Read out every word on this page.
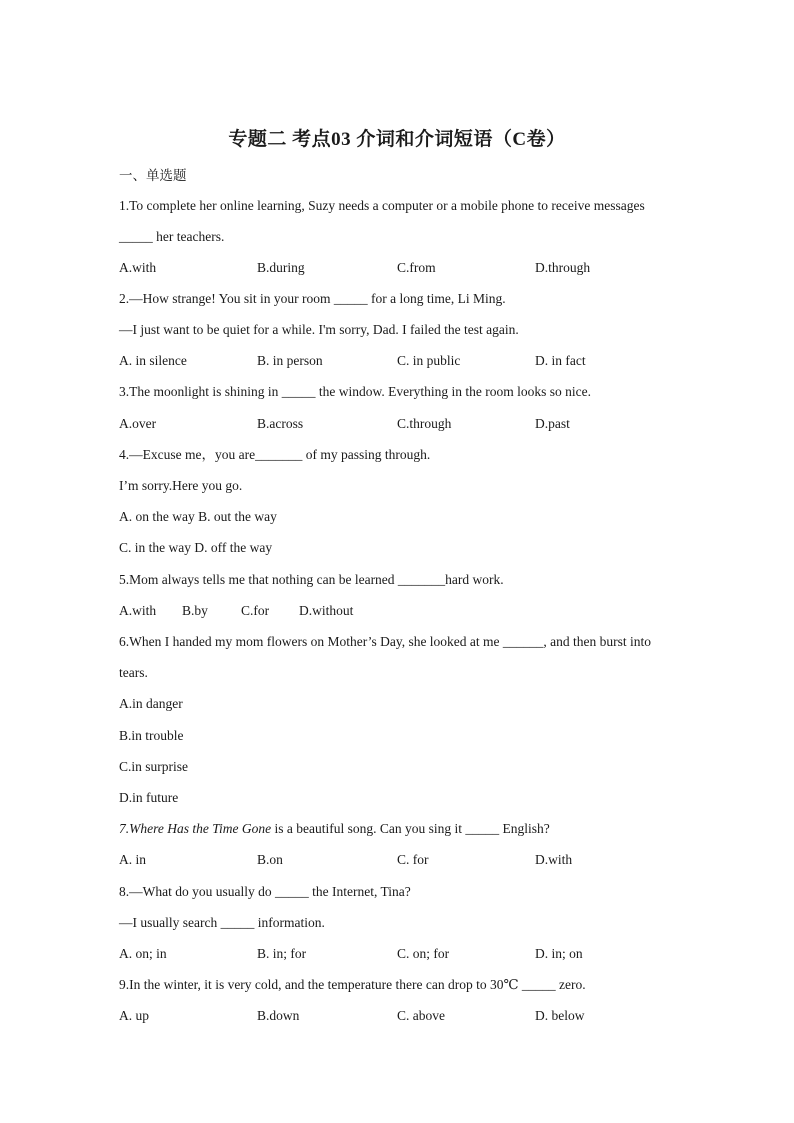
专题二 考点03 介词和介词短语（C卷）
一、单选题
1.To complete her online learning, Suzy needs a computer or a mobile phone to receive messages
_____ her teachers.
A.with	B.during	C.from	D.through
2.—How strange! You sit in your room _____ for a long time, Li Ming.
—I just want to be quiet for a while. I'm sorry, Dad. I failed the test again.
A. in silence	B. in person	C. in public	D. in fact
3.The moonlight is shining in _____ the window. Everything in the room looks so nice.
A.over	B.across	C.through	D.past
4.—Excuse me，you are_______ of my passing through.
I’m sorry.Here you go.
A. on the way B. out the way
C. in the way D. off the way
5.Mom always tells me that nothing can be learned _______hard work.
A.with B.by C.for D.without
6.When I handed my mom flowers on Mother’s Day, she looked at me ______, and then burst into
tears.
A.in danger
B.in trouble
C.in surprise
D.in future
7.Where Has the Time Gone is a beautiful song. Can you sing it _____ English?
A. in	B.on	C. for	D.with
8.—What do you usually do _____ the Internet, Tina?
—I usually search _____ information.
A. on; in	B. in; for	C. on; for	D. in; on
9.In the winter, it is very cold, and the temperature there can drop to 30℃ _____ zero.
A. up	B.down	C. above	D. below
